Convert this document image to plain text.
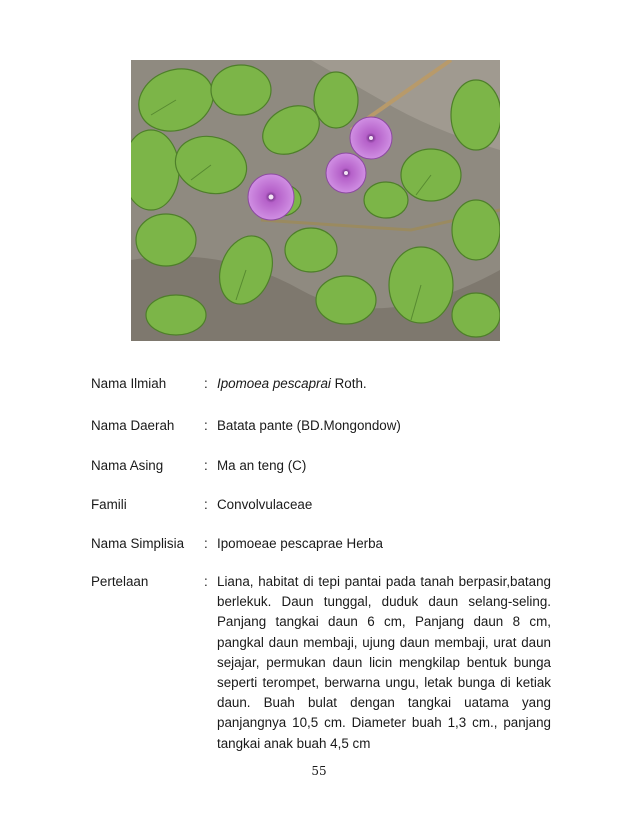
Nama Ilmiah	: Ipomoea pescaprai Roth.
Nama Daerah : Batata pante (BD.Mongondow)
Nama Asing	: Ma an teng (C)
Famili	: Convolvulaceae
Nama Simplisia : Ipomoeae pescaprae Herba
Pertelaan	: Liana, habitat di tepi pantai pada tanah berpasir,batang berlekuk. Daun tunggal, duduk daun selang-seling. Panjang tangkai daun 6 cm, Panjang daun 8 cm, pangkal daun membaji, ujung daun membaji, urat daun sejajar, permukan daun licin mengkilap bentuk bunga seperti terompet, berwarna ungu, letak bunga di ketiak daun. Buah bulat dengan tangkai uatama yang panjangnya 10,5 cm. Diameter buah 1,3 cm., panjang tangkai anak buah 4,5 cm

55
